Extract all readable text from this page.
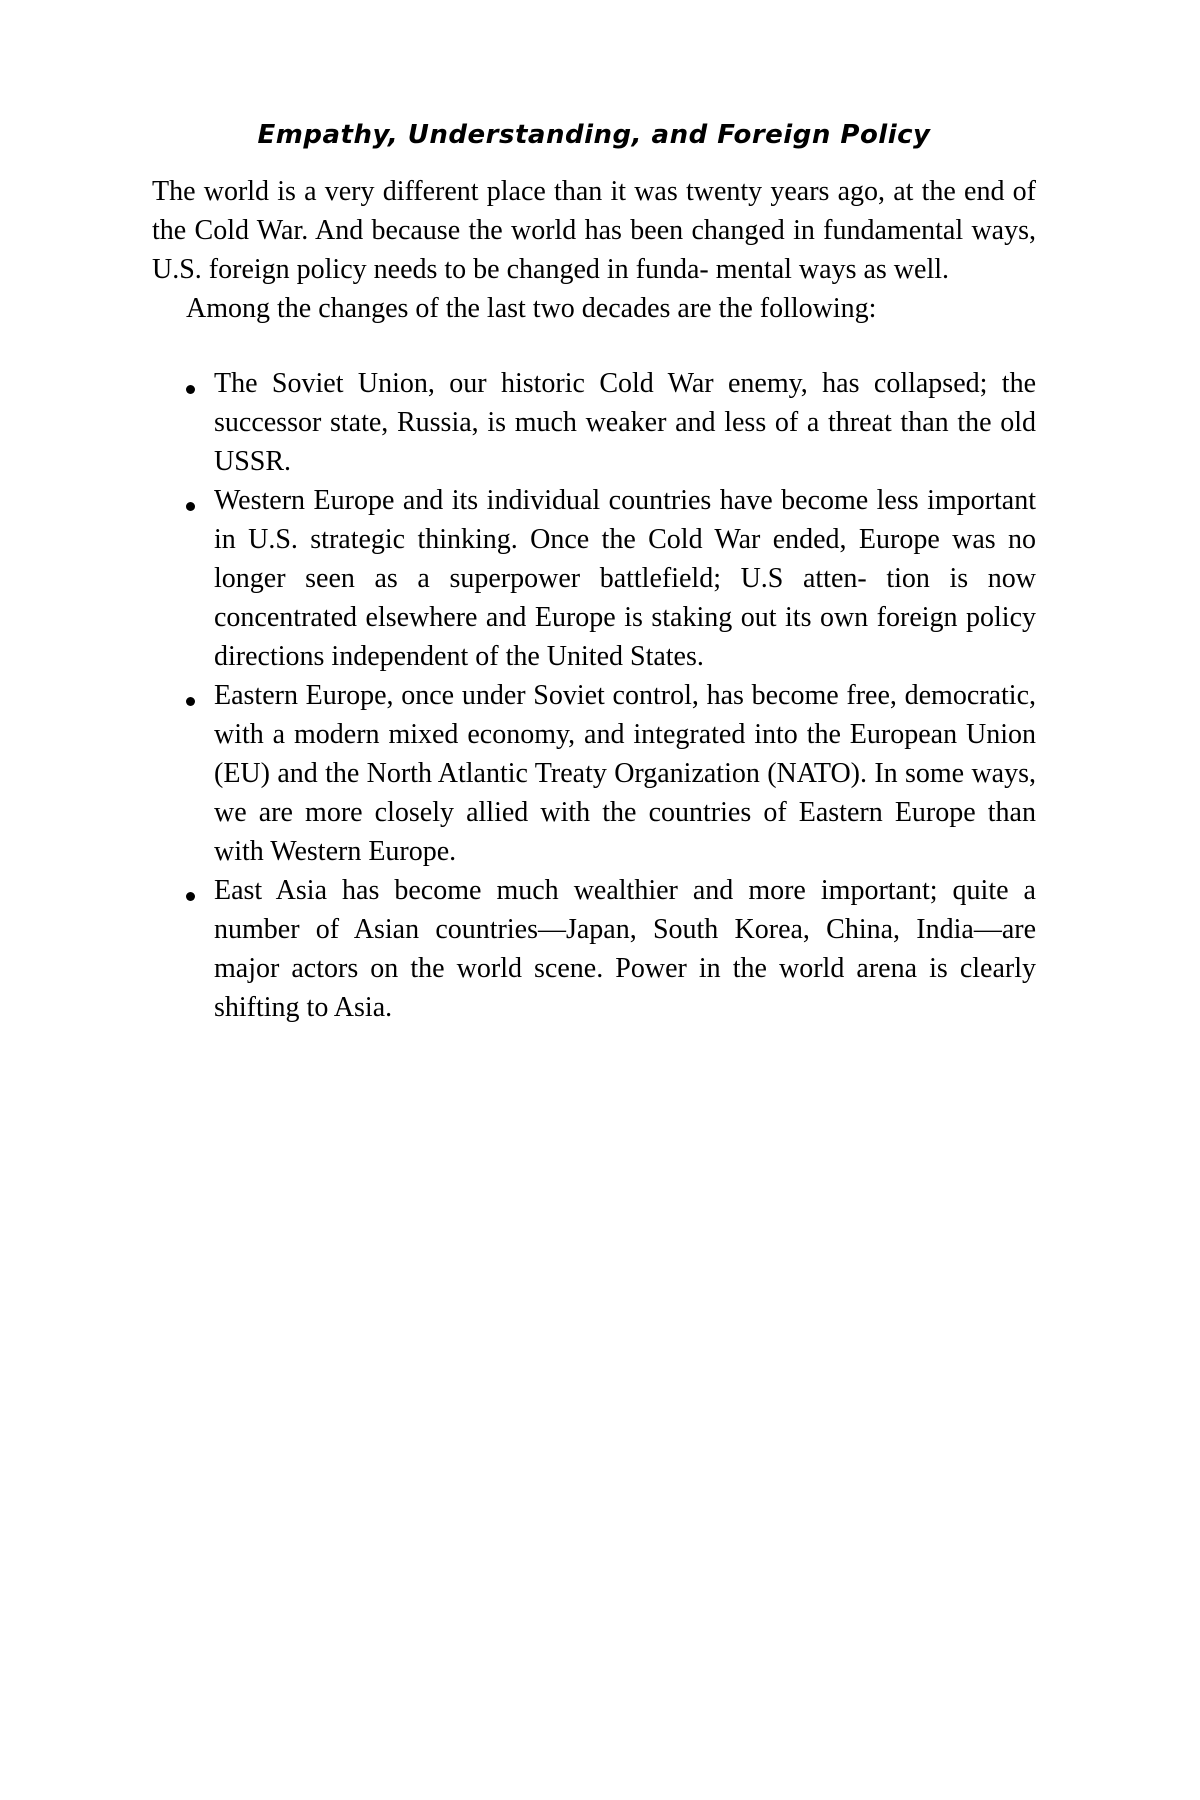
Empathy, Understanding, and Foreign Policy

The world is a very different place than it was twenty years ago, at the end of the Cold War. And because the world has been changed in fundamental ways, U.S. foreign policy needs to be changed in funda- mental ways as well.

Among the changes of the last two decades are the following:

The Soviet Union, our historic Cold War enemy, has collapsed; the successor state, Russia, is much weaker and less of a threat than the old USSR.

Western Europe and its individual countries have become less important in U.S. strategic thinking. Once the Cold War ended, Europe was no longer seen as a superpower battlefield; U.S atten- tion is now concentrated elsewhere and Europe is staking out its own foreign policy directions independent of the United States.

Eastern Europe, once under Soviet control, has become free, democratic, with a modern mixed economy, and integrated into the European Union (EU) and the North Atlantic Treaty Organization (NATO). In some ways, we are more closely allied with the countries of Eastern Europe than with Western Europe.

East Asia has become much wealthier and more important; quite a number of Asian countries—Japan, South Korea, China, India—are major actors on the world scene. Power in the world arena is clearly shifting to Asia.
